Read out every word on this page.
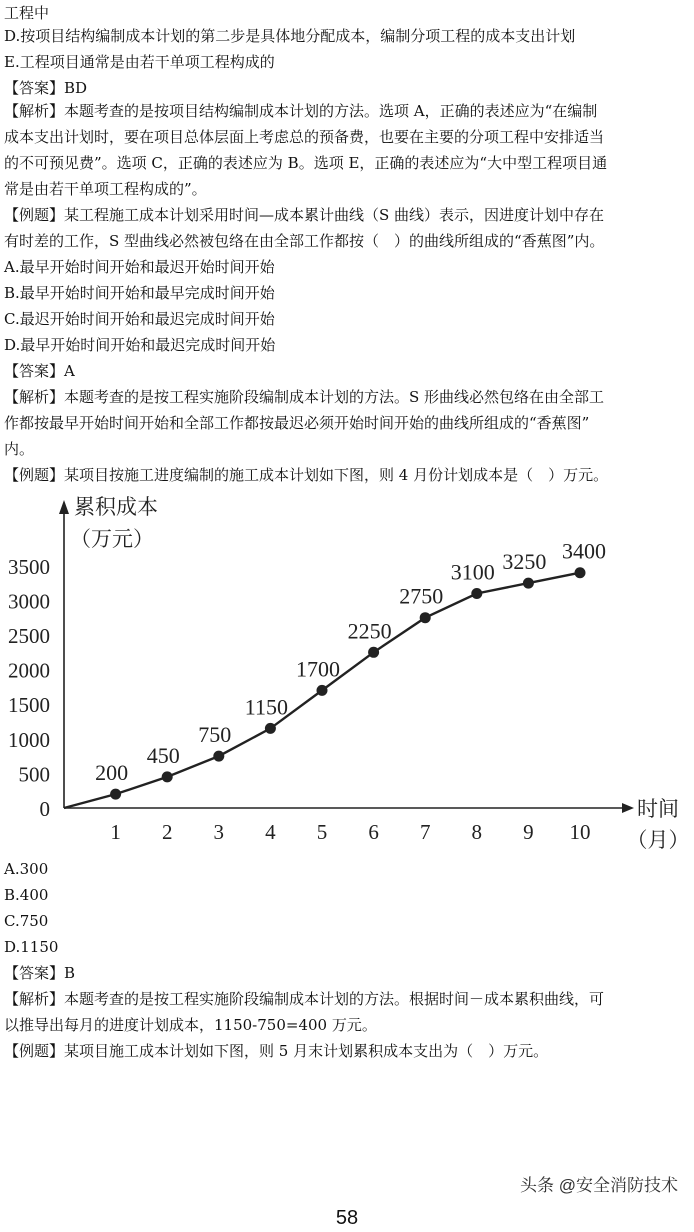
工程中
D.按项目结构编制成本计划的第二步是具体地分配成本，编制分项工程的成本支出计划
E.工程项目通常是由若干单项工程构成的
【答案】BD
【解析】本题考查的是按项目结构编制成本计划的方法。选项 A，正确的表述应为“在编制
成本支出计划时，要在项目总体层面上考虑总的预备费，也要在主要的分项工程中安排适当
的不可预见费”。选项 C，正确的表述应为 B。选项 E，正确的表述应为“大中型工程项目通
常是由若干单项工程构成的”。
【例题】某工程施工成本计划采用时间—成本累计曲线（S 曲线）表示，因进度计划中存在
有时差的工作，S 型曲线必然被包络在由全部工作都按（　）的曲线所组成的“香蕉图”内。
A.最早开始时间开始和最迟开始时间开始
B.最早开始时间开始和最早完成时间开始
C.最迟开始时间开始和最迟完成时间开始
D.最早开始时间开始和最迟完成时间开始
【答案】A
【解析】本题考查的是按工程实施阶段编制成本计划的方法。S 形曲线必然包络在由全部工
作都按最早开始时间开始和全部工作都按最迟必须开始时间开始的曲线所组成的“香蕉图”
内。
【例题】某项目按施工进度编制的施工成本计划如下图，则 4 月份计划成本是（　）万元。
A.300
B.400
C.750
D.1150
【答案】B
【解析】本题考查的是按工程实施阶段编制成本计划的方法。根据时间－成本累积曲线，可
以推导出每月的进度计划成本，1150-750=400 万元。
【例题】某项目施工成本计划如下图，则 5 月末计划累积成本支出为（　）万元。
0
500
1000
1500
2000
2500
3000
3500
1 2 3 4 5 6 7 8 9 10
累积成本
（万元）
时间
（月）
200
450
750
1150
1700
2250
2750
3100 3250 3400
58
头条 @安全消防技术
